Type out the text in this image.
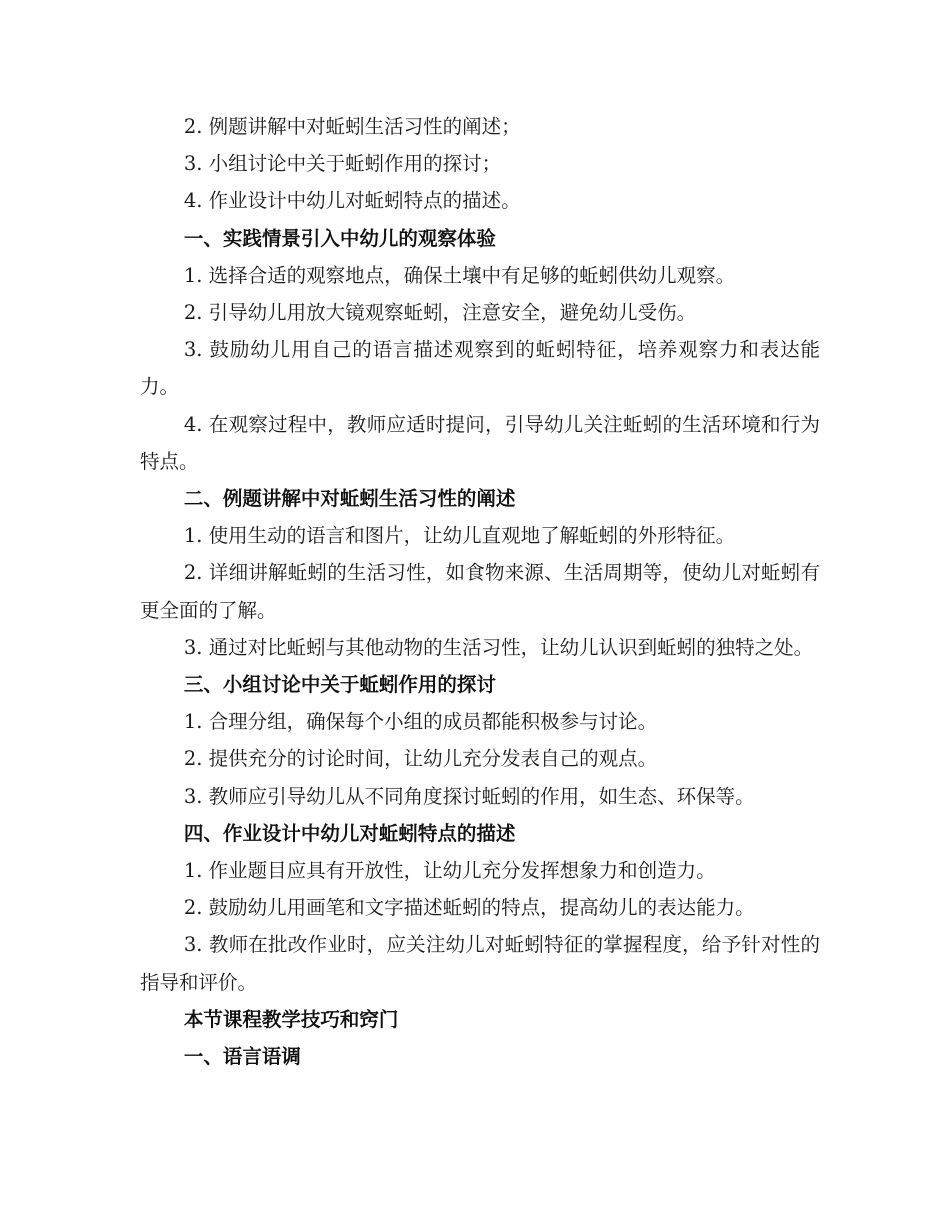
2. 例题讲解中对蚯蚓生活习性的阐述；

3. 小组讨论中关于蚯蚓作用的探讨；

4. 作业设计中幼儿对蚯蚓特点的描述。

一、实践情景引入中幼儿的观察体验

1. 选择合适的观察地点，确保土壤中有足够的蚯蚓供幼儿观察。

2. 引导幼儿用放大镜观察蚯蚓，注意安全，避免幼儿受伤。

3. 鼓励幼儿用自己的语言描述观察到的蚯蚓特征，培养观察力和表达能力。

4. 在观察过程中，教师应适时提问，引导幼儿关注蚯蚓的生活环境和行为特点。

二、例题讲解中对蚯蚓生活习性的阐述

1. 使用生动的语言和图片，让幼儿直观地了解蚯蚓的外形特征。

2. 详细讲解蚯蚓的生活习性，如食物来源、生活周期等，使幼儿对蚯蚓有更全面的了解。

3. 通过对比蚯蚓与其他动物的生活习性，让幼儿认识到蚯蚓的独特之处。

三、小组讨论中关于蚯蚓作用的探讨

1. 合理分组，确保每个小组的成员都能积极参与讨论。

2. 提供充分的讨论时间，让幼儿充分发表自己的观点。

3. 教师应引导幼儿从不同角度探讨蚯蚓的作用，如生态、环保等。

四、作业设计中幼儿对蚯蚓特点的描述

1. 作业题目应具有开放性，让幼儿充分发挥想象力和创造力。

2. 鼓励幼儿用画笔和文字描述蚯蚓的特点，提高幼儿的表达能力。

3. 教师在批改作业时，应关注幼儿对蚯蚓特征的掌握程度，给予针对性的指导和评价。

本节课程教学技巧和窍门

一、语言语调
